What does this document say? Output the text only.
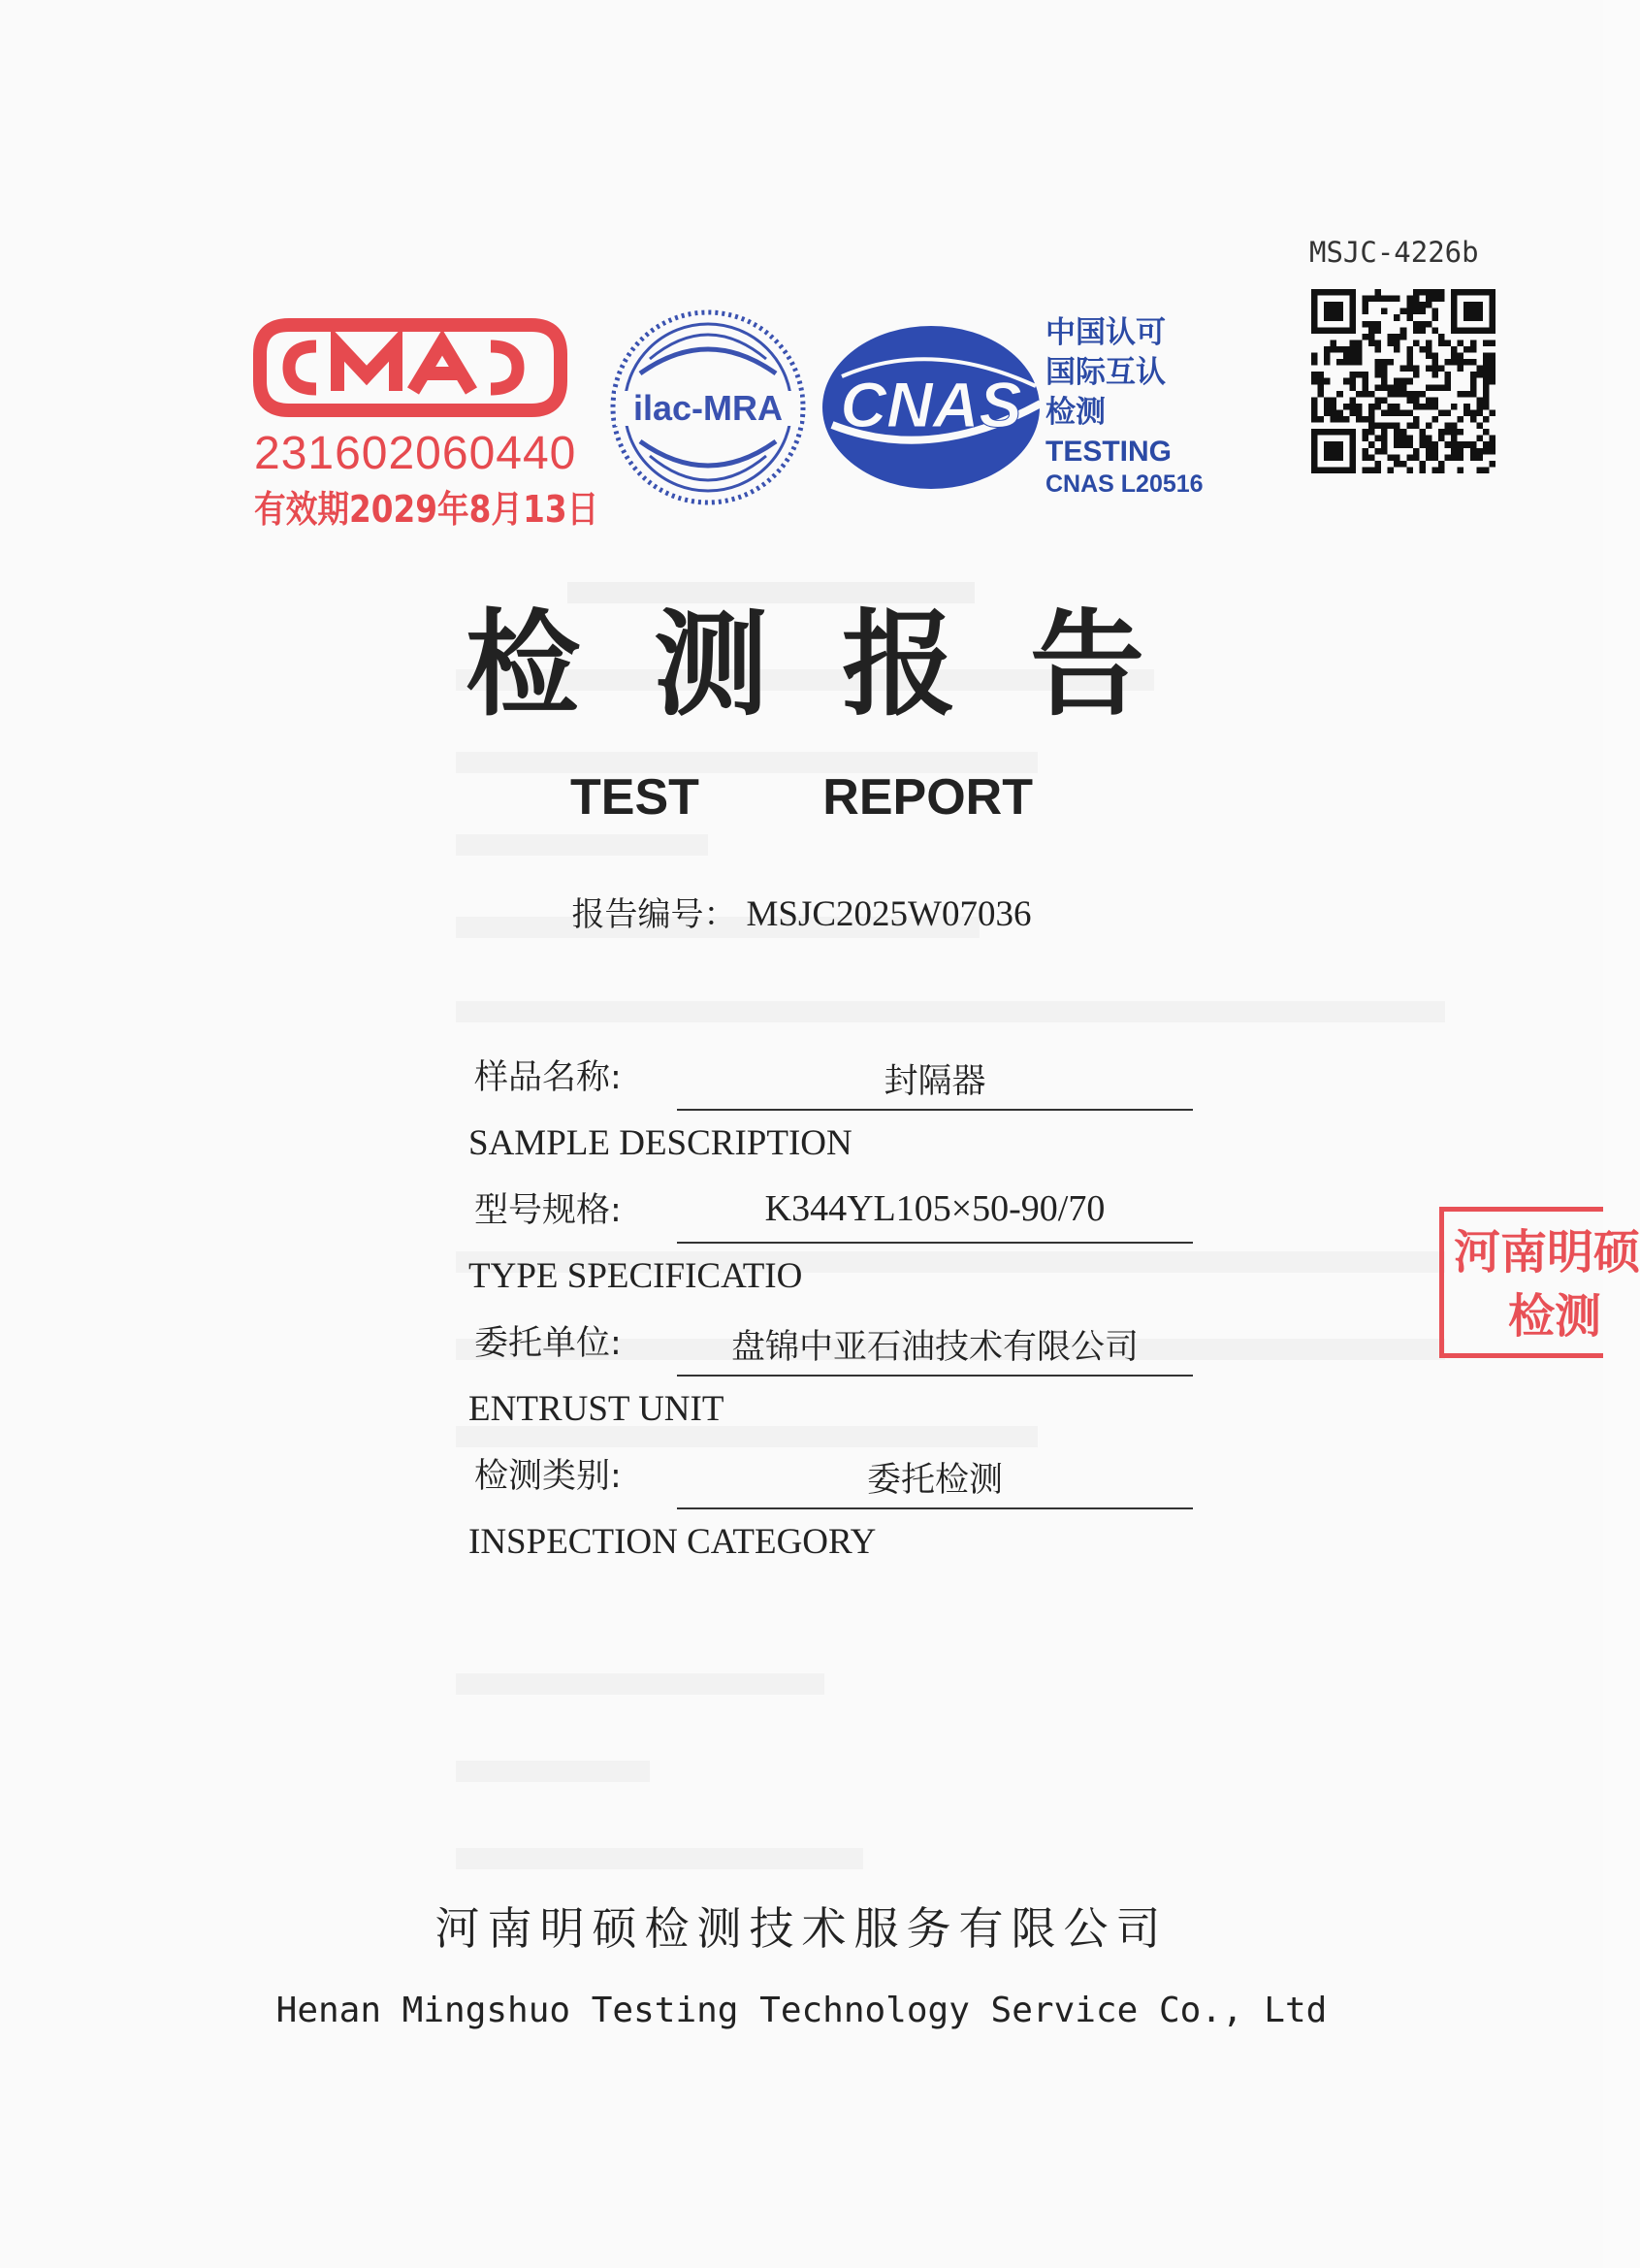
231602060440
有效期2029年8月13日
ilac-MRA CNAS
中国认可
国际互认
检测
TESTING
CNAS L20516
MSJC-4226b
检测报告
TEST   REPORT
报告编号： MSJC2025W07036
样品名称:	封隔器
SAMPLE DESCRIPTION
型号规格:	K344YL105×50-90/70
TYPE SPECIFICATIO
委托单位:	盘锦中亚石油技术有限公司
ENTRUST UNIT
检测类别:	委托检测
INSPECTION CATEGORY
河南明硕
检测
河南明硕检测技术服务有限公司
Henan Mingshuo Testing Technology Service Co., Ltd
